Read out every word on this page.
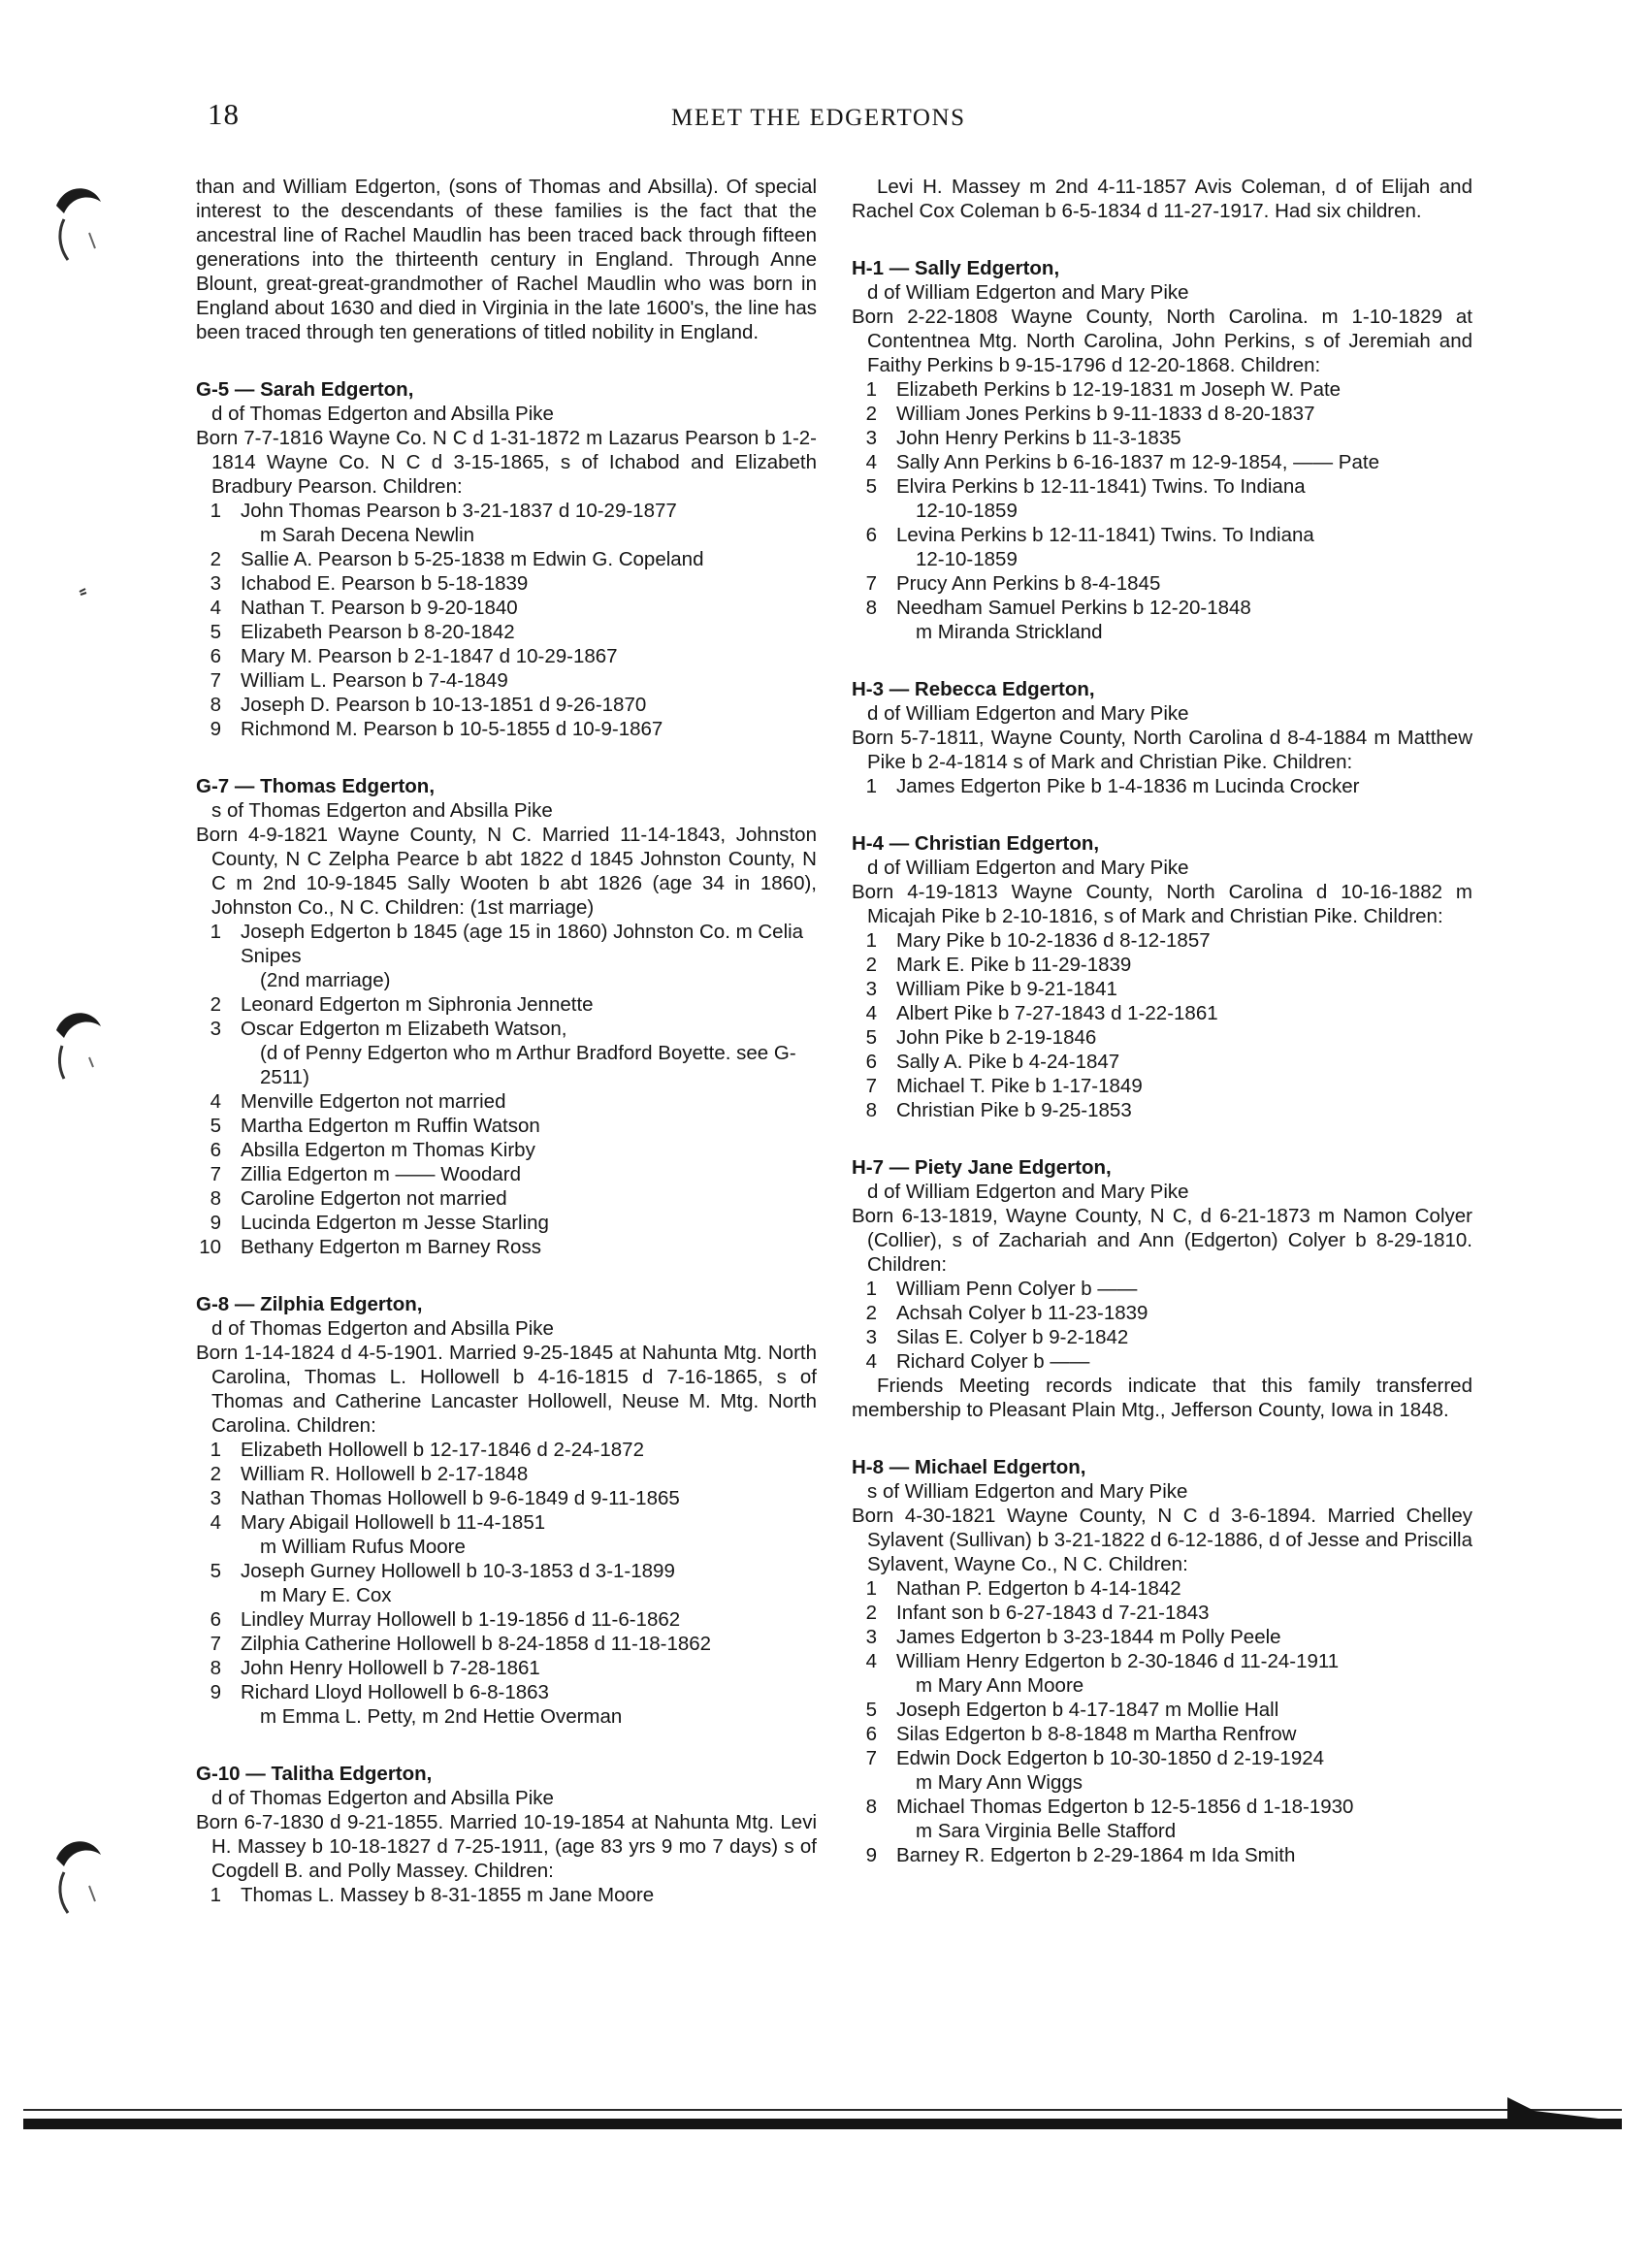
18	MEET THE EDGERTONS
than and William Edgerton, (sons of Thomas and Absilla). Of special interest to the descendants of these families is the fact that the ancestral line of Rachel Maudlin has been traced back through fifteen generations into the thirteenth century in England. Through Anne Blount, great-great-grandmother of Rachel Maudlin who was born in England about 1630 and died in Virginia in the late 1600's, the line has been traced through ten generations of titled nobility in England.
G-5 — Sarah Edgerton,
d of Thomas Edgerton and Absilla Pike
Born 7-7-1816 Wayne Co. N C d 1-31-1872 m Lazarus Pearson b 1-2-1814 Wayne Co. N C d 3-15-1865, s of Ichabod and Elizabeth Bradbury Pearson. Children:
1 John Thomas Pearson b 3-21-1837 d 10-29-1877
m Sarah Decena Newlin
2 Sallie A. Pearson b 5-25-1838 m Edwin G. Copeland
3 Ichabod E. Pearson b 5-18-1839
4 Nathan T. Pearson b 9-20-1840
5 Elizabeth Pearson b 8-20-1842
6 Mary M. Pearson b 2-1-1847 d 10-29-1867
7 William L. Pearson b 7-4-1849
8 Joseph D. Pearson b 10-13-1851 d 9-26-1870
9 Richmond M. Pearson b 10-5-1855 d 10-9-1867
G-7 — Thomas Edgerton,
s of Thomas Edgerton and Absilla Pike
Born 4-9-1821 Wayne County, N C. Married 11-14-1843, Johnston County, N C Zelpha Pearce b abt 1822 d 1845 Johnston County, N C m 2nd 10-9-1845 Sally Wooten b abt 1826 (age 34 in 1860), Johnston Co., N C. Children: (1st marriage)
1 Joseph Edgerton b 1845 (age 15 in 1860) Johnston Co. m Celia Snipes
(2nd marriage)
2 Leonard Edgerton m Siphronia Jennette
3 Oscar Edgerton m Elizabeth Watson,
(d of Penny Edgerton who m Arthur Bradford Boyette. see G-2511)
4 Menville Edgerton not married
5 Martha Edgerton m Ruffin Watson
6 Absilla Edgerton m Thomas Kirby
7 Zillia Edgerton m —— Woodard
8 Caroline Edgerton not married
9 Lucinda Edgerton m Jesse Starling
10 Bethany Edgerton m Barney Ross
G-8 — Zilphia Edgerton,
d of Thomas Edgerton and Absilla Pike
Born 1-14-1824 d 4-5-1901. Married 9-25-1845 at Nahunta Mtg. North Carolina, Thomas L. Hollowell b 4-16-1815 d 7-16-1865, s of Thomas and Catherine Lancaster Hollowell, Neuse M. Mtg. North Carolina. Children:
1 Elizabeth Hollowell b 12-17-1846 d 2-24-1872
2 William R. Hollowell b 2-17-1848
3 Nathan Thomas Hollowell b 9-6-1849 d 9-11-1865
4 Mary Abigail Hollowell b 11-4-1851
m William Rufus Moore
5 Joseph Gurney Hollowell b 10-3-1853 d 3-1-1899
m Mary E. Cox
6 Lindley Murray Hollowell b 1-19-1856 d 11-6-1862
7 Zilphia Catherine Hollowell b 8-24-1858 d 11-18-1862
8 John Henry Hollowell b 7-28-1861
9 Richard Lloyd Hollowell b 6-8-1863
m Emma L. Petty, m 2nd Hettie Overman
G-10 — Talitha Edgerton,
d of Thomas Edgerton and Absilla Pike
Born 6-7-1830 d 9-21-1855. Married 10-19-1854 at Nahunta Mtg. Levi H. Massey b 10-18-1827 d 7-25-1911, (age 83 yrs 9 mo 7 days) s of Cogdell B. and Polly Massey. Children:
1 Thomas L. Massey b 8-31-1855 m Jane Moore
Levi H. Massey m 2nd 4-11-1857 Avis Coleman, d of Elijah and Rachel Cox Coleman b 6-5-1834 d 11-27-1917. Had six children.
H-1 — Sally Edgerton,
d of William Edgerton and Mary Pike
Born 2-22-1808 Wayne County, North Carolina. m 1-10-1829 at Contentnea Mtg. North Carolina, John Perkins, s of Jeremiah and Faithy Perkins b 9-15-1796 d 12-20-1868. Children:
1 Elizabeth Perkins b 12-19-1831 m Joseph W. Pate
2 William Jones Perkins b 9-11-1833 d 8-20-1837
3 John Henry Perkins b 11-3-1835
4 Sally Ann Perkins b 6-16-1837 m 12-9-1854, —— Pate
5 Elvira Perkins b 12-11-1841) Twins. To Indiana
12-10-1859
6 Levina Perkins b 12-11-1841) Twins. To Indiana
12-10-1859
7 Prucy Ann Perkins b 8-4-1845
8 Needham Samuel Perkins b 12-20-1848
m Miranda Strickland
H-3 — Rebecca Edgerton,
d of William Edgerton and Mary Pike
Born 5-7-1811, Wayne County, North Carolina d 8-4-1884 m Matthew Pike b 2-4-1814 s of Mark and Christian Pike. Children:
1 James Edgerton Pike b 1-4-1836 m Lucinda Crocker
H-4 — Christian Edgerton,
d of William Edgerton and Mary Pike
Born 4-19-1813 Wayne County, North Carolina d 10-16-1882 m Micajah Pike b 2-10-1816, s of Mark and Christian Pike. Children:
1 Mary Pike b 10-2-1836 d 8-12-1857
2 Mark E. Pike b 11-29-1839
3 William Pike b 9-21-1841
4 Albert Pike b 7-27-1843 d 1-22-1861
5 John Pike b 2-19-1846
6 Sally A. Pike b 4-24-1847
7 Michael T. Pike b 1-17-1849
8 Christian Pike b 9-25-1853
H-7 — Piety Jane Edgerton,
d of William Edgerton and Mary Pike
Born 6-13-1819, Wayne County, N C, d 6-21-1873 m Namon Colyer (Collier), s of Zachariah and Ann (Edgerton) Colyer b 8-29-1810. Children:
1 William Penn Colyer b ——
2 Achsah Colyer b 11-23-1839
3 Silas E. Colyer b 9-2-1842
4 Richard Colyer b ——
Friends Meeting records indicate that this family transferred membership to Pleasant Plain Mtg., Jefferson County, Iowa in 1848.
H-8 — Michael Edgerton,
s of William Edgerton and Mary Pike
Born 4-30-1821 Wayne County, N C d 3-6-1894. Married Chelley Sylavent (Sullivan) b 3-21-1822 d 6-12-1886, d of Jesse and Priscilla Sylavent, Wayne Co., N C. Children:
1 Nathan P. Edgerton b 4-14-1842
2 Infant son b 6-27-1843 d 7-21-1843
3 James Edgerton b 3-23-1844 m Polly Peele
4 William Henry Edgerton b 2-30-1846 d 11-24-1911
m Mary Ann Moore
5 Joseph Edgerton b 4-17-1847 m Mollie Hall
6 Silas Edgerton b 8-8-1848 m Martha Renfrow
7 Edwin Dock Edgerton b 10-30-1850 d 2-19-1924
m Mary Ann Wiggs
8 Michael Thomas Edgerton b 12-5-1856 d 1-18-1930
m Sara Virginia Belle Stafford
9 Barney R. Edgerton b 2-29-1864 m Ida Smith
